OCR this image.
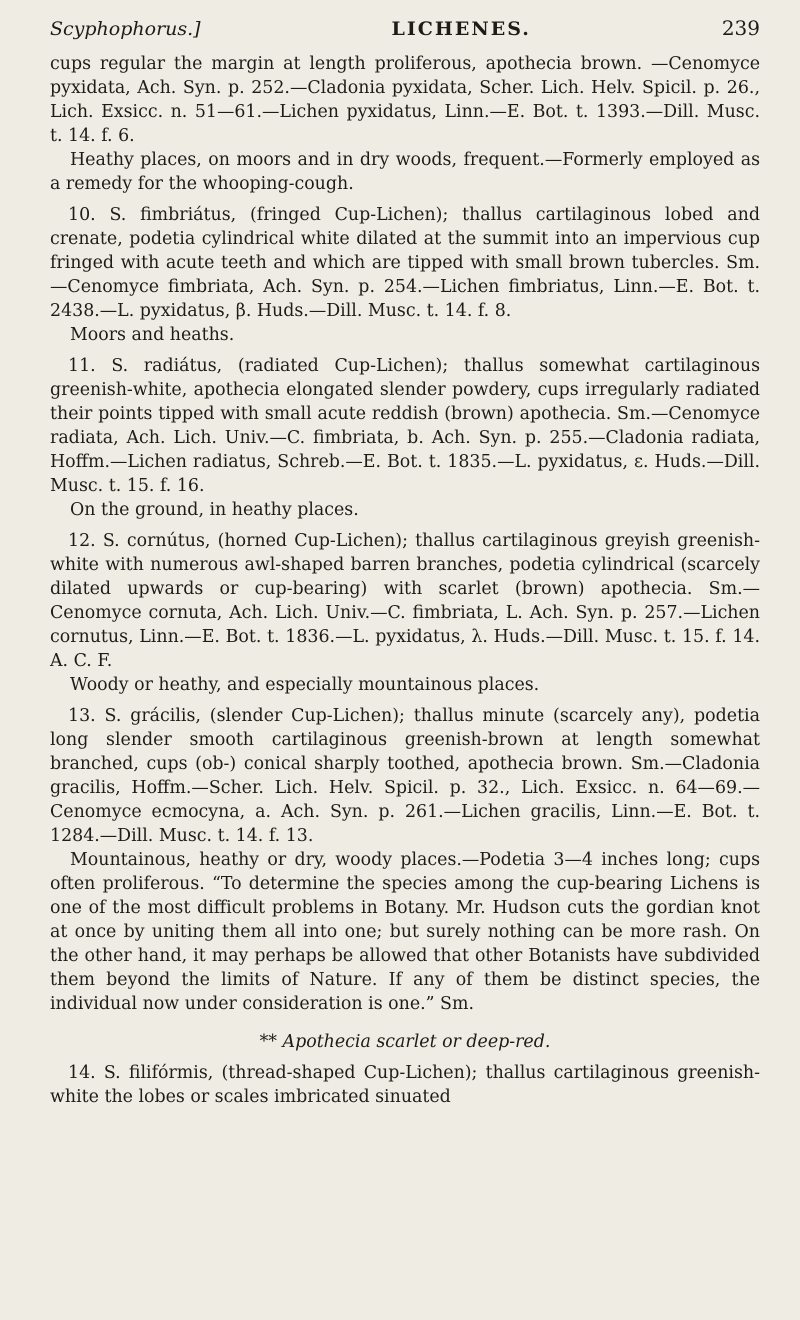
Scyphophorus.]	LICHENES.	239

cups regular the margin at length proliferous, apothecia brown. —Cenomyce pyxidata, Ach. Syn. p. 252.—Cladonia pyxidata, Scher. Lich. Helv. Spicil. p. 26., Lich. Exsicc. n. 51—61.—Lichen pyxidatus, Linn.—E. Bot. t. 1393.—Dill. Musc. t. 14. f. 6.

Heathy places, on moors and in dry woods, frequent.—Formerly employed as a remedy for the whooping-cough.

10. S. fimbriátus, (fringed Cup-Lichen); thallus cartilaginous lobed and crenate, podetia cylindrical white dilated at the summit into an impervious cup fringed with acute teeth and which are tipped with small brown tubercles. Sm.—Cenomyce fimbriata, Ach. Syn. p. 254.—Lichen fimbriatus, Linn.—E. Bot. t. 2438.—L. pyxidatus, β. Huds.—Dill. Musc. t. 14. f. 8.

Moors and heaths.

11. S. radiátus, (radiated Cup-Lichen); thallus somewhat cartilaginous greenish-white, apothecia elongated slender powdery, cups irregularly radiated their points tipped with small acute reddish (brown) apothecia. Sm.—Cenomyce radiata, Ach. Lich. Univ.—C. fimbriata, b. Ach. Syn. p. 255.—Cladonia radiata, Hoffm.—Lichen radiatus, Schreb.—E. Bot. t. 1835.—L. pyxidatus, ε. Huds.—Dill. Musc. t. 15. f. 16.

On the ground, in heathy places.

12. S. cornútus, (horned Cup-Lichen); thallus cartilaginous greyish greenish-white with numerous awl-shaped barren branches, podetia cylindrical (scarcely dilated upwards or cup-bearing) with scarlet (brown) apothecia. Sm.—Cenomyce cornuta, Ach. Lich. Univ.—C. fimbriata, L. Ach. Syn. p. 257.—Lichen cornutus, Linn.—E. Bot. t. 1836.—L. pyxidatus, λ. Huds.—Dill. Musc. t. 15. f. 14. A. C. F.

Woody or heathy, and especially mountainous places.

13. S. grácilis, (slender Cup-Lichen); thallus minute (scarcely any), podetia long slender smooth cartilaginous greenish-brown at length somewhat branched, cups (ob-) conical sharply toothed, apothecia brown. Sm.—Cladonia gracilis, Hoffm.—Scher. Lich. Helv. Spicil. p. 32., Lich. Exsicc. n. 64—69.—Cenomyce ecmocyna, a. Ach. Syn. p. 261.—Lichen gracilis, Linn.—E. Bot. t. 1284.—Dill. Musc. t. 14. f. 13.

Mountainous, heathy or dry, woody places.—Podetia 3—4 inches long; cups often proliferous. “To determine the species among the cup-bearing Lichens is one of the most difficult problems in Botany. Mr. Hudson cuts the gordian knot at once by uniting them all into one; but surely nothing can be more rash. On the other hand, it may perhaps be allowed that other Botanists have subdivided them beyond the limits of Nature. If any of them be distinct species, the individual now under consideration is one.” Sm.

** Apothecia scarlet or deep-red.

14. S. filifórmis, (thread-shaped Cup-Lichen); thallus cartilaginous greenish-white the lobes or scales imbricated sinuated
